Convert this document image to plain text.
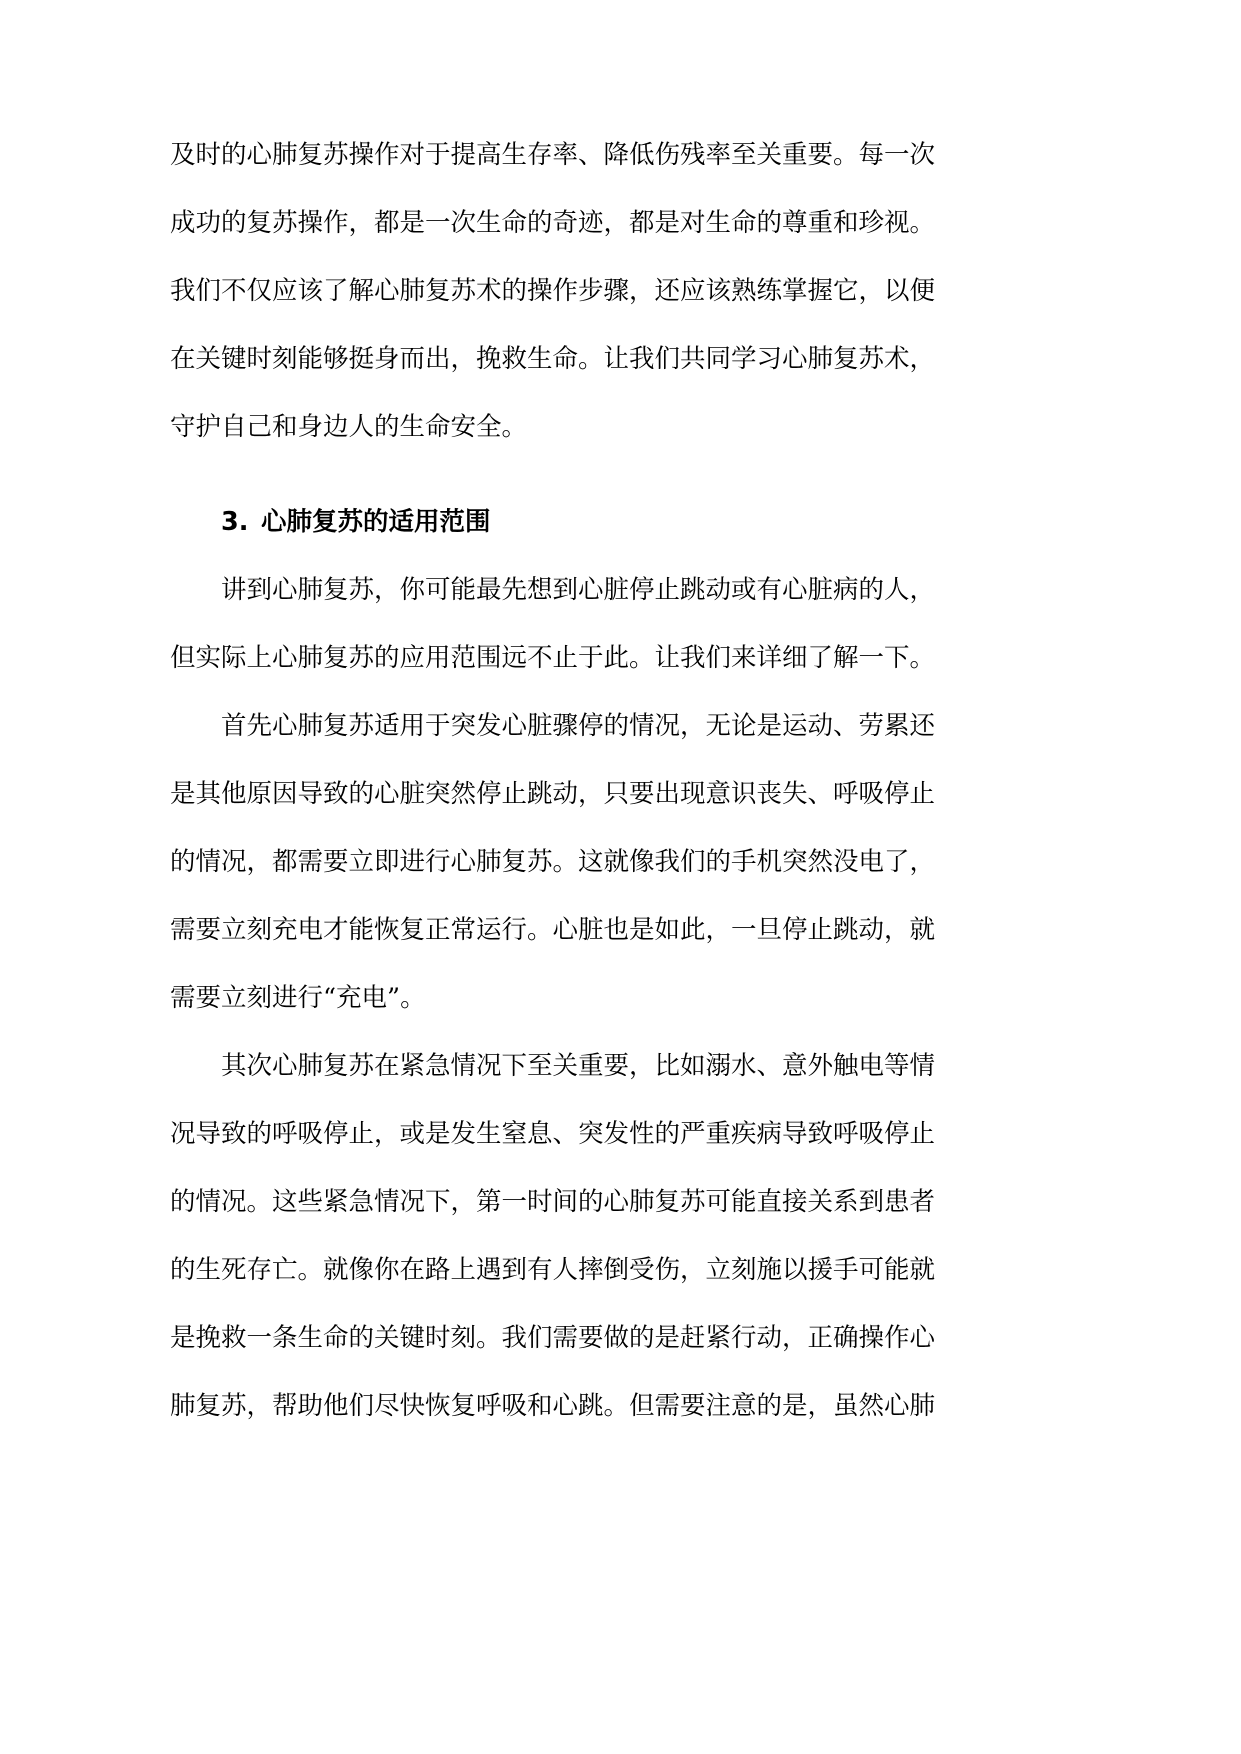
及时的心肺复苏操作对于提高生存率、降低伤残率至关重要。每一次
成功的复苏操作，都是一次生命的奇迹，都是对生命的尊重和珍视。
我们不仅应该了解心肺复苏术的操作步骤，还应该熟练掌握它，以便
在关键时刻能够挺身而出，挽救生命。让我们共同学习心肺复苏术，
守护自己和身边人的生命安全。
3. 心肺复苏的适用范围
讲到心肺复苏，你可能最先想到心脏停止跳动或有心脏病的人，
但实际上心肺复苏的应用范围远不止于此。让我们来详细了解一下。
首先心肺复苏适用于突发心脏骤停的情况，无论是运动、劳累还
是其他原因导致的心脏突然停止跳动，只要出现意识丧失、呼吸停止
的情况，都需要立即进行心肺复苏。这就像我们的手机突然没电了，
需要立刻充电才能恢复正常运行。心脏也是如此，一旦停止跳动，就
需要立刻进行“充电”。
其次心肺复苏在紧急情况下至关重要，比如溺水、意外触电等情
况导致的呼吸停止，或是发生窒息、突发性的严重疾病导致呼吸停止
的情况。这些紧急情况下，第一时间的心肺复苏可能直接关系到患者
的生死存亡。就像你在路上遇到有人摔倒受伤，立刻施以援手可能就
是挽救一条生命的关键时刻。我们需要做的是赶紧行动，正确操作心
肺复苏，帮助他们尽快恢复呼吸和心跳。但需要注意的是，虽然心肺
